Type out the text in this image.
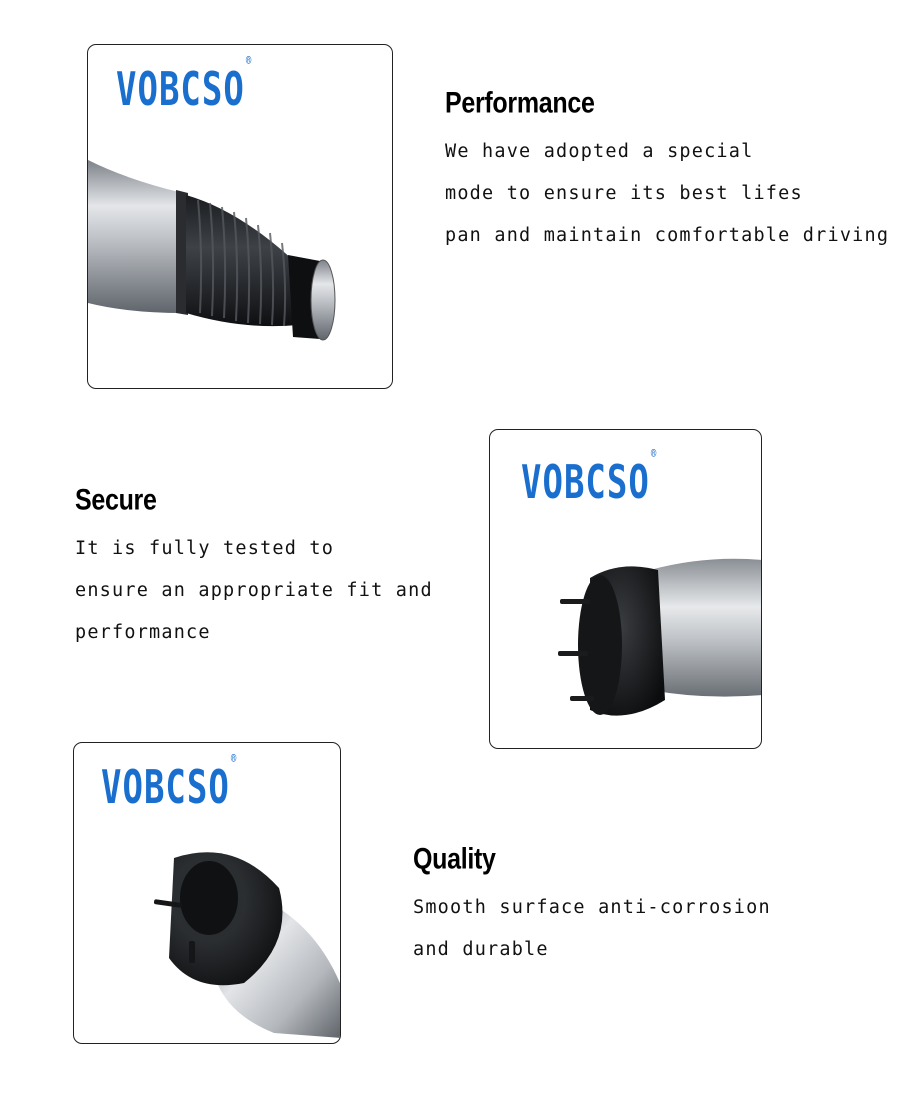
VOBCSO®
Performance
We have adopted a special
mode to ensure its best lifes
pan and maintain comfortable driving
Secure
It is fully tested to
ensure an appropriate fit and
performance
VOBCSO®
VOBCSO®
Quality
Smooth surface anti-corrosion
and durable
